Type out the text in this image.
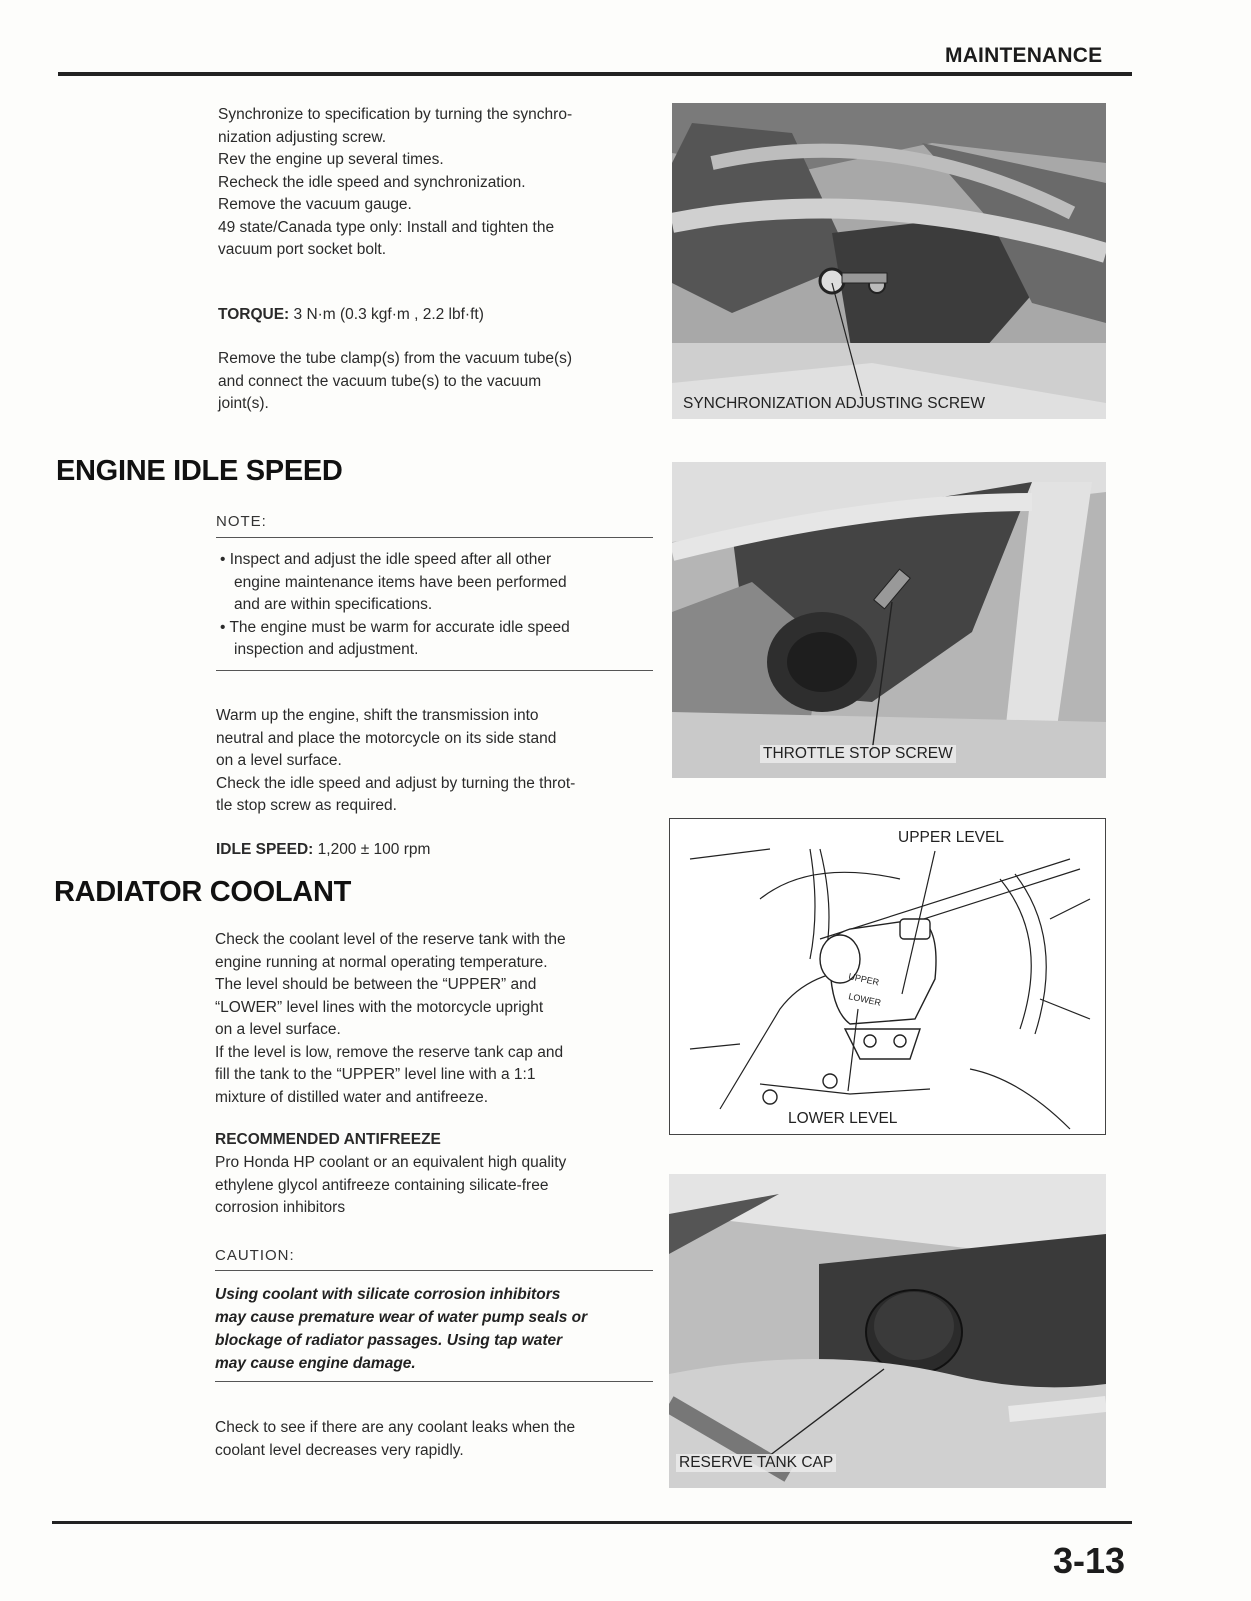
MAINTENANCE
Synchronize to specification by turning the synchro-
nization adjusting screw.
Rev the engine up several times.
Recheck the idle speed and synchronization.
Remove the vacuum gauge.
49 state/Canada type only: Install and tighten the
vacuum port socket bolt.
TORQUE: 3 N·m (0.3 kgf·m , 2.2 lbf·ft)
Remove the tube clamp(s) from the vacuum tube(s)
and connect the vacuum tube(s) to the vacuum
joint(s).	SYNCHRONIZATION ADJUSTING SCREW
ENGINE IDLE SPEED
NOTE:
• Inspect and adjust the idle speed after all other
engine maintenance items have been performed
and are within specifications.
• The engine must be warm for accurate idle speed
inspection and adjustment.
Warm up the engine, shift the transmission into
neutral and place the motorcycle on its side stand
on a level surface.
Check the idle speed and adjust by turning the throt-
tle stop screw as required.
IDLE SPEED: 1,200 ± 100 rpm
THROTTLE STOP SCREW
RADIATOR COOLANT
Check the coolant level of the reserve tank with the
engine running at normal operating temperature.
The level should be between the “UPPER” and
“LOWER” level lines with the motorcycle upright
on a level surface.
If the level is low, remove the reserve tank cap and
fill the tank to the “UPPER” level line with a 1:1
mixture of distilled water and antifreeze.
RECOMMENDED ANTIFREEZE
Pro Honda HP coolant or an equivalent high quality
ethylene glycol antifreeze containing silicate-free
corrosion inhibitors
CAUTION:
Using coolant with silicate corrosion inhibitors
may cause premature wear of water pump seals or
blockage of radiator passages. Using tap water
may cause engine damage.
Check to see if there are any coolant leaks when the
coolant level decreases very rapidly.
UPPER
LOWER
UPPER LEVEL
LOWER LEVEL
RESERVE TANK CAP
3-13
